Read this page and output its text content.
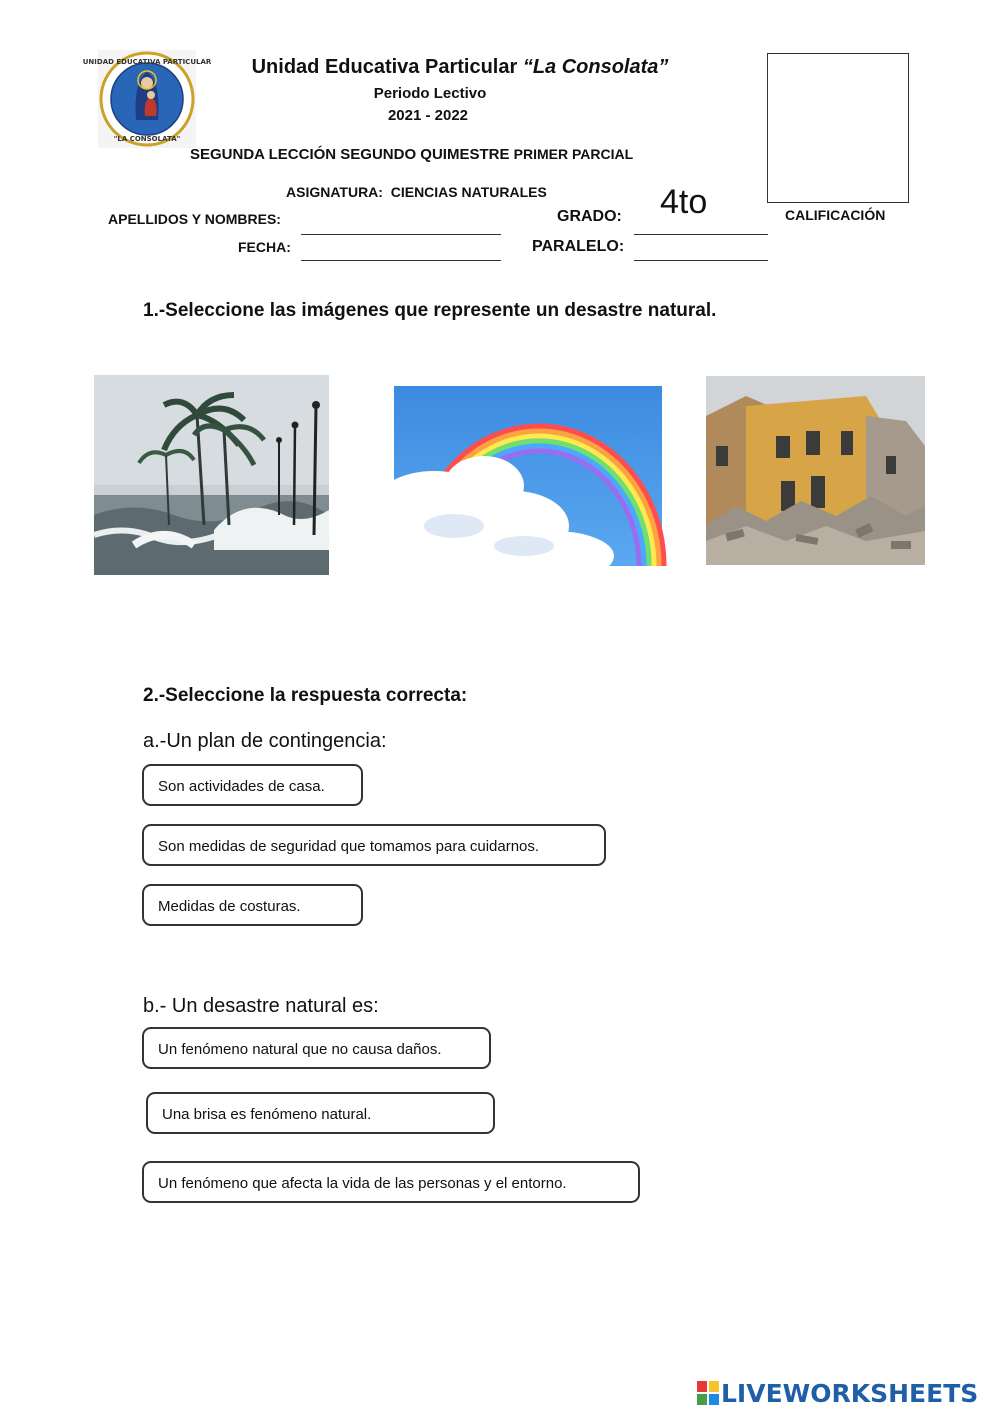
UNIDAD EDUCATIVA PARTICULAR
"LA CONSOLATA"
Unidad Educativa Particular “La Consolata”
Periodo Lectivo
2021 - 2022
SEGUNDA LECCIÓN SEGUNDO QUIMESTRE PRIMER PARCIAL
ASIGNATURA:  CIENCIAS NATURALES
APELLIDOS Y NOMBRES:
FECHA:
GRADO: 4to
PARALELO:
CALIFICACIÓN
1.-Seleccione las imágenes que represente un desastre natural.
2.-Seleccione la respuesta correcta:
a.-Un plan de contingencia:
Son actividades de casa.
Son medidas de seguridad que tomamos para cuidarnos.
Medidas de costuras.
b.- Un desastre natural es:
Un fenómeno natural que no causa daños.
Una brisa es fenómeno natural.
Un fenómeno que afecta la vida de las personas y el entorno.
LIVEWORKSHEETS
